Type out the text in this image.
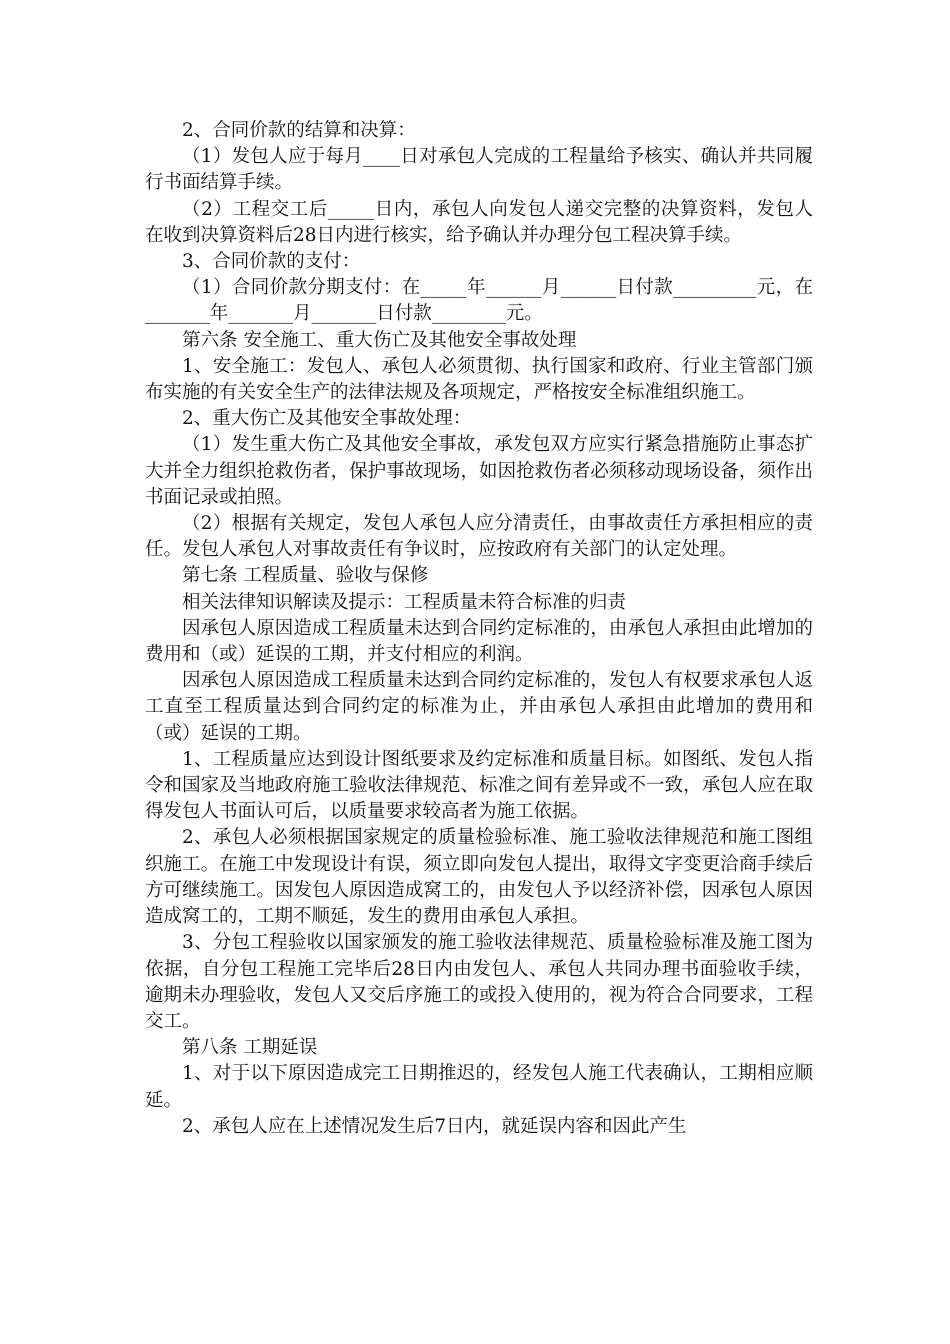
2、合同价款的结算和决算：

（1）发包人应于每月____日对承包人完成的工程量给予核实、确认并共同履行书面结算手续。

（2）工程交工后_____日内，承包人向发包人递交完整的决算资料，发包人在收到决算资料后28日内进行核实，给予确认并办理分包工程决算手续。

3、合同价款的支付：

（1）合同价款分期支付：在_____年______月______日付款_________元，在_______年_______月_______日付款________元。

第六条 安全施工、重大伤亡及其他安全事故处理

1、安全施工：发包人、承包人必须贯彻、执行国家和政府、行业主管部门颁布实施的有关安全生产的法律法规及各项规定，严格按安全标准组织施工。

2、重大伤亡及其他安全事故处理：

（1）发生重大伤亡及其他安全事故，承发包双方应实行紧急措施防止事态扩大并全力组织抢救伤者，保护事故现场，如因抢救伤者必须移动现场设备，须作出书面记录或拍照。

（2）根据有关规定，发包人承包人应分清责任，由事故责任方承担相应的责任。发包人承包人对事故责任有争议时，应按政府有关部门的认定处理。

第七条 工程质量、验收与保修

相关法律知识解读及提示：工程质量未符合标准的归责

因承包人原因造成工程质量未达到合同约定标准的，由承包人承担由此增加的费用和（或）延误的工期，并支付相应的利润。

因承包人原因造成工程质量未达到合同约定标准的，发包人有权要求承包人返工直至工程质量达到合同约定的标准为止，并由承包人承担由此增加的费用和（或）延误的工期。

1、工程质量应达到设计图纸要求及约定标准和质量目标。如图纸、发包人指令和国家及当地政府施工验收法律规范、标准之间有差异或不一致，承包人应在取得发包人书面认可后，以质量要求较高者为施工依据。

2、承包人必须根据国家规定的质量检验标准、施工验收法律规范和施工图组织施工。在施工中发现设计有误，须立即向发包人提出，取得文字变更洽商手续后方可继续施工。因发包人原因造成窝工的，由发包人予以经济补偿，因承包人原因造成窝工的，工期不顺延，发生的费用由承包人承担。

3、分包工程验收以国家颁发的施工验收法律规范、质量检验标准及施工图为依据，自分包工程施工完毕后28日内由发包人、承包人共同办理书面验收手续，逾期未办理验收，发包人又交后序施工的或投入使用的，视为符合合同要求，工程交工。

第八条 工期延误

1、对于以下原因造成完工日期推迟的，经发包人施工代表确认，工期相应顺延。

2、承包人应在上述情况发生后7日内，就延误内容和因此产生
